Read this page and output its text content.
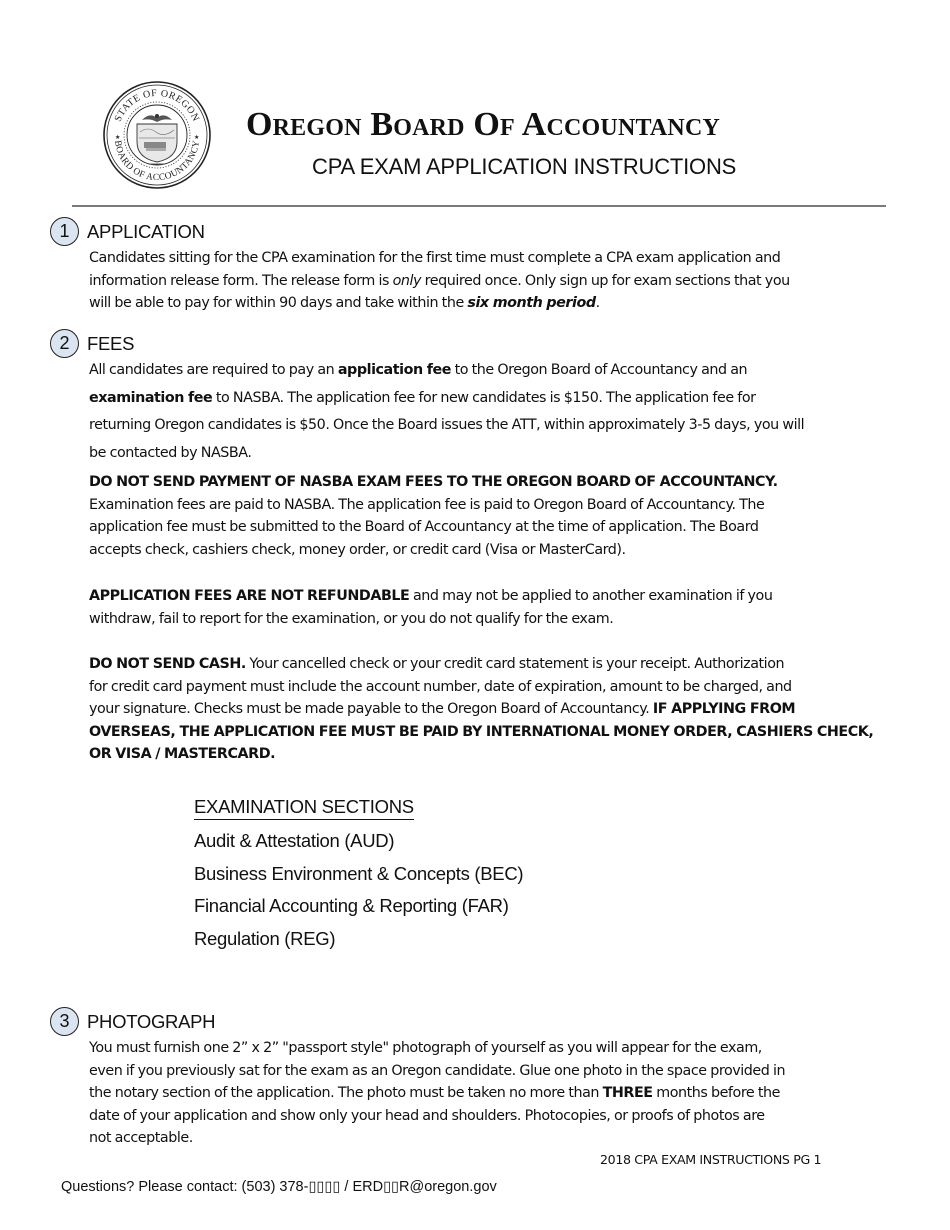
STATE OF OREGON
BOARD OF ACCOUNTANCY
★	★ Oregon Board Of Accountancy
CPA EXAM APPLICATION INSTRUCTIONS
1 APPLICATION
Candidates sitting for the CPA examination for the first time must complete a CPA exam application and
information release form. The release form is only required once. Only sign up for exam sections that you
will be able to pay for within 90 days and take within the six month period.
2 FEES
All candidates are required to pay an application fee to the Oregon Board of Accountancy and an
examination fee to NASBA. The application fee for new candidates is $150. The application fee for
returning Oregon candidates is $50. Once the Board issues the ATT, within approximately 3-5 days, you will
be contacted by NASBA.
DO NOT SEND PAYMENT OF NASBA EXAM FEES TO THE OREGON BOARD OF ACCOUNTANCY.
Examination fees are paid to NASBA. The application fee is paid to Oregon Board of Accountancy. The
application fee must be submitted to the Board of Accountancy at the time of application. The Board
accepts check, cashiers check, money order, or credit card (Visa or MasterCard).
APPLICATION FEES ARE NOT REFUNDABLE and may not be applied to another examination if you
withdraw, fail to report for the examination, or you do not qualify for the exam.
DO NOT SEND CASH. Your cancelled check or your credit card statement is your receipt. Authorization
for credit card payment must include the account number, date of expiration, amount to be charged, and
your signature. Checks must be made payable to the Oregon Board of Accountancy. IF APPLYING FROM
OVERSEAS, THE APPLICATION FEE MUST BE PAID BY INTERNATIONAL MONEY ORDER, CASHIERS CHECK,
OR VISA / MASTERCARD.
EXAMINATION SECTIONS
Audit & Attestation (AUD)
Business Environment & Concepts (BEC)
Financial Accounting & Reporting (FAR)
Regulation (REG)
3 PHOTOGRAPH
You must furnish one 2” x 2” "passport style" photograph of yourself as you will appear for the exam,
even if you previously sat for the exam as an Oregon candidate. Glue one photo in the space provided in
the notary section of the application. The photo must be taken no more than THREE months before the
date of your application and show only your head and shoulders. Photocopies, or proofs of photos are
not acceptable.
2018 CPA EXAM INSTRUCTIONS PG 1
Questions? Please contact: (503) 378-▯▯▯▯ / ERD▯▯R@oregon.gov
